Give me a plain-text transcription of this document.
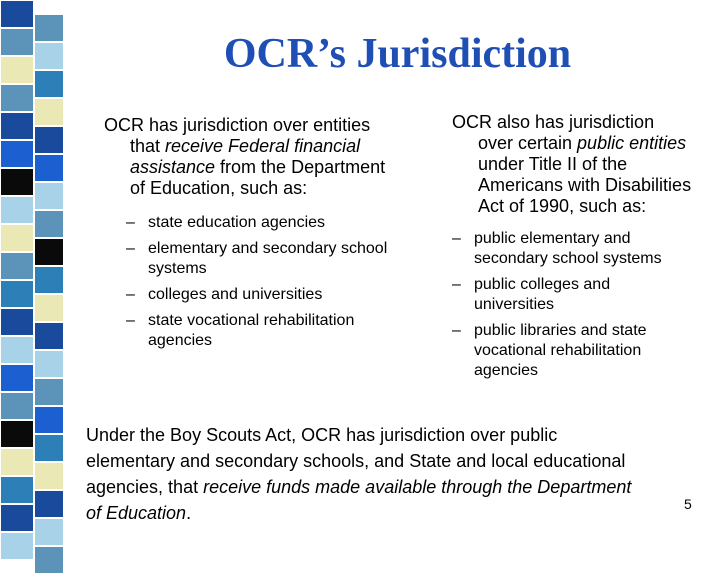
OCR’s Jurisdiction

OCR has jurisdiction over entities that receive Federal financial assistance from the Department of Education, such as:

– state education agencies
– elementary and secondary school systems
– colleges and universities
– state vocational rehabilitation agencies

OCR also has jurisdiction over certain public entities under Title II of the Americans with Disabilities Act of 1990, such as:

– public elementary and secondary school systems
– public colleges and universities
– public libraries and state vocational rehabilitation agencies

Under the Boy Scouts Act, OCR has jurisdiction over public elementary and secondary schools, and State and local educational agencies, that receive funds made available through the Department of Education.	5
